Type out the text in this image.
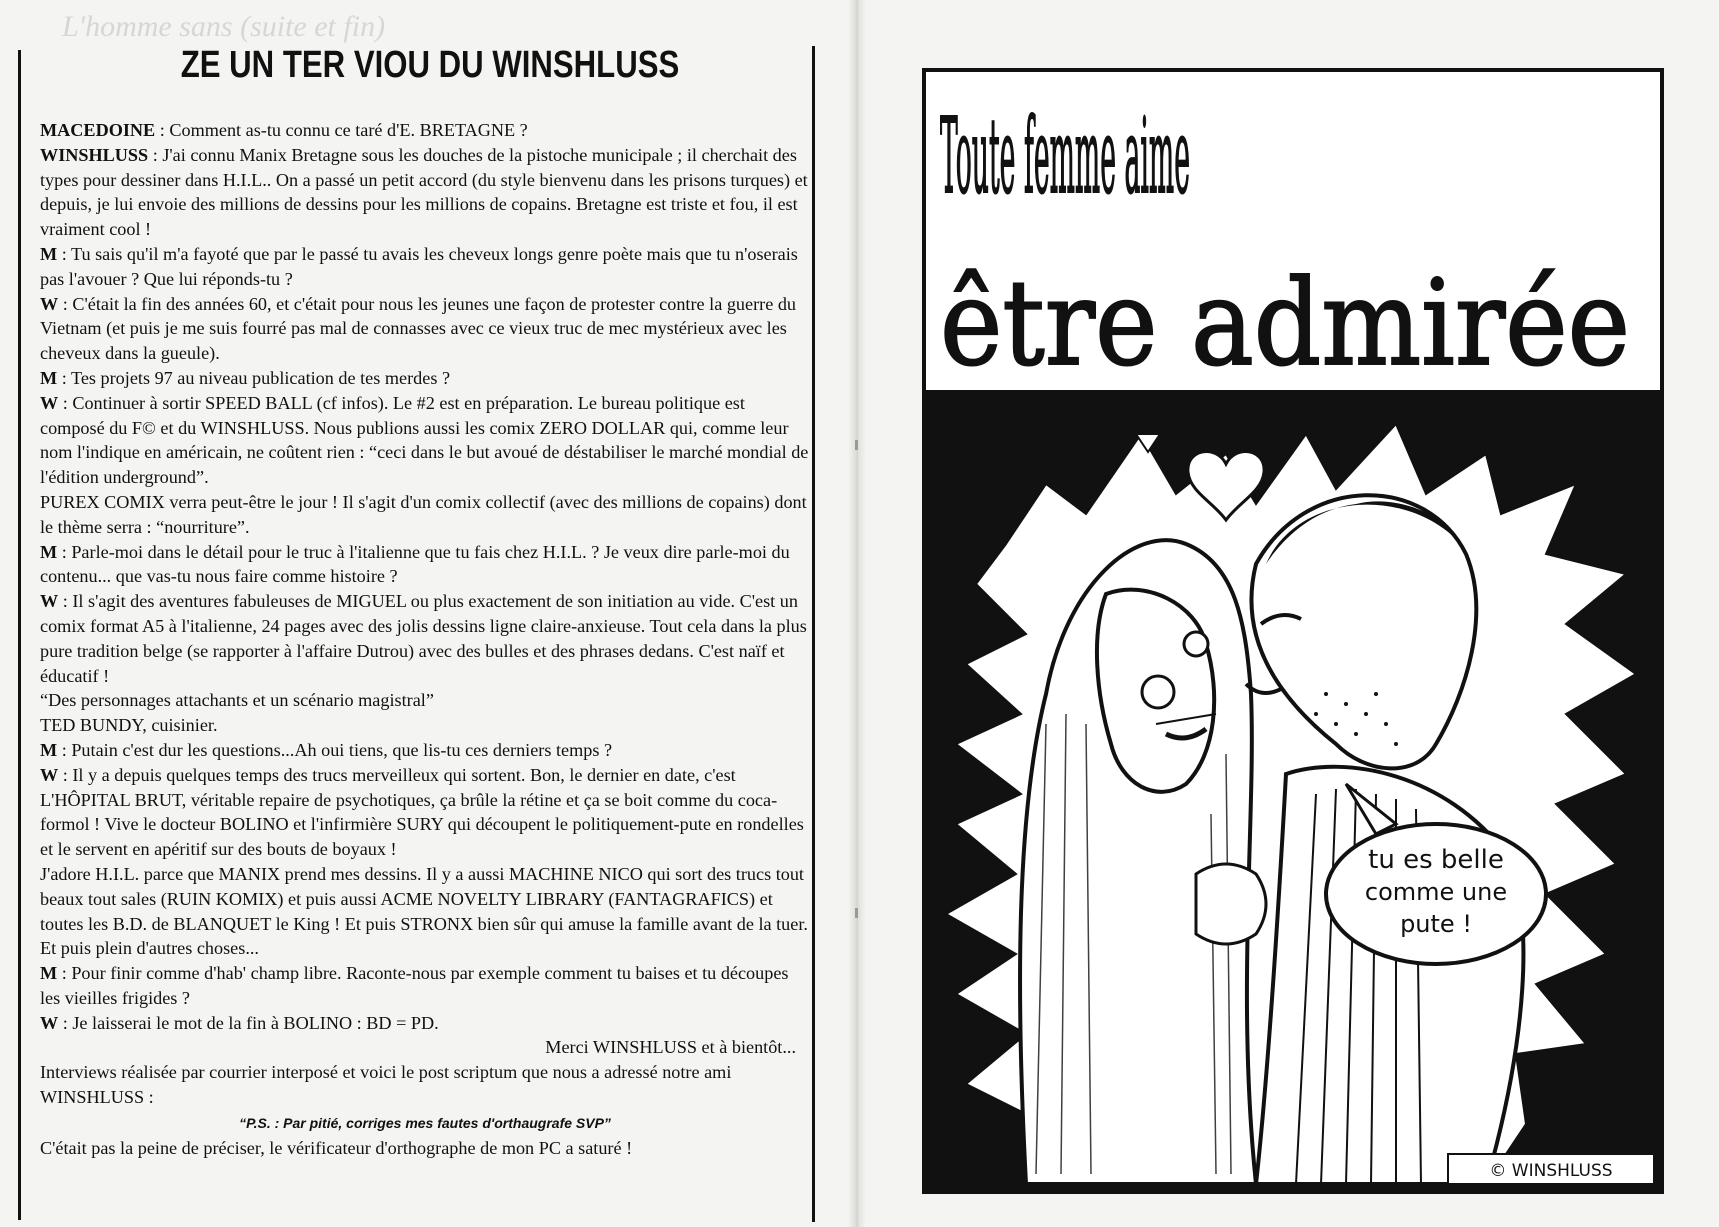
L'homme sans (suite et fin)
ZE UN TER VIOU DU WINSHLUSS

MACEDOINE : Comment as-tu connu ce taré d'E. BRETAGNE ?

WINSHLUSS : J'ai connu Manix Bretagne sous les douches de la pistoche municipale ; il cherchait des types pour dessiner dans H.I.L.. On a passé un petit accord (du style bienvenu dans les prisons turques) et depuis, je lui envoie des millions de dessins pour les millions de copains. Bretagne est triste et fou, il est vraiment cool !

M : Tu sais qu'il m'a fayoté que par le passé tu avais les cheveux longs genre poète mais que tu n'oserais pas l'avouer ? Que lui réponds-tu ?

W : C'était la fin des années 60, et c'était pour nous les jeunes une façon de protester contre la guerre du Vietnam (et puis je me suis fourré pas mal de connasses avec ce vieux truc de mec mystérieux avec les cheveux dans la gueule).

M : Tes projets 97 au niveau publication de tes merdes ?

W : Continuer à sortir SPEED BALL (cf infos). Le #2 est en préparation. Le bureau politique est composé du F© et du WINSHLUSS. Nous publions aussi les comix ZERO DOLLAR qui, comme leur nom l'indique en américain, ne coûtent rien : “ceci dans le but avoué de déstabiliser le marché mondial de l'édition underground”.

PUREX COMIX verra peut-être le jour ! Il s'agit d'un comix collectif (avec des millions de copains) dont le thème serra : “nourriture”.

M : Parle-moi dans le détail pour le truc à l'italienne que tu fais chez H.I.L. ? Je veux dire parle-moi du contenu... que vas-tu nous faire comme histoire ?

W : Il s'agit des aventures fabuleuses de MIGUEL ou plus exactement de son initiation au vide. C'est un comix format A5 à l'italienne, 24 pages avec des jolis dessins ligne claire-anxieuse. Tout cela dans la plus pure tradition belge (se rapporter à l'affaire Dutrou) avec des bulles et des phrases dedans. C'est naïf et éducatif !

“Des personnages attachants et un scénario magistral”

TED BUNDY, cuisinier.

M : Putain c'est dur les questions...Ah oui tiens, que lis-tu ces derniers temps ?

W : Il y a depuis quelques temps des trucs merveilleux qui sortent. Bon, le dernier en date, c'est L'HÔPITAL BRUT, véritable repaire de psychotiques, ça brûle la rétine et ça se boit comme du coca-formol ! Vive le docteur BOLINO et l'infirmière SURY qui découpent le politiquement-pute en rondelles et le servent en apéritif sur des bouts de boyaux !

J'adore H.I.L. parce que MANIX prend mes dessins. Il y a aussi MACHINE NICO qui sort des trucs tout beaux tout sales (RUIN KOMIX) et puis aussi ACME NOVELTY LIBRARY (FANTAGRAFICS) et toutes les B.D. de BLANQUET le King ! Et puis STRONX bien sûr qui amuse la famille avant de la tuer. Et puis plein d'autres choses...

M : Pour finir comme d'hab' champ libre. Raconte-nous par exemple comment tu baises et tu découpes les vieilles frigides ?

W : Je laisserai le mot de la fin à BOLINO : BD = PD.

Merci WINSHLUSS et à bientôt...

Interviews réalisée par courrier interposé et voici le post scriptum que nous a adressé notre ami WINSHLUSS :

“P.S. : Par pitié, corriges mes fautes d'orthaugrafe SVP”

C'était pas la peine de préciser, le vérificateur d'orthographe de mon PC a saturé !

Toute femme aime
être admirée
tu es belle
comme une
pute !
© WINSHLUSS
